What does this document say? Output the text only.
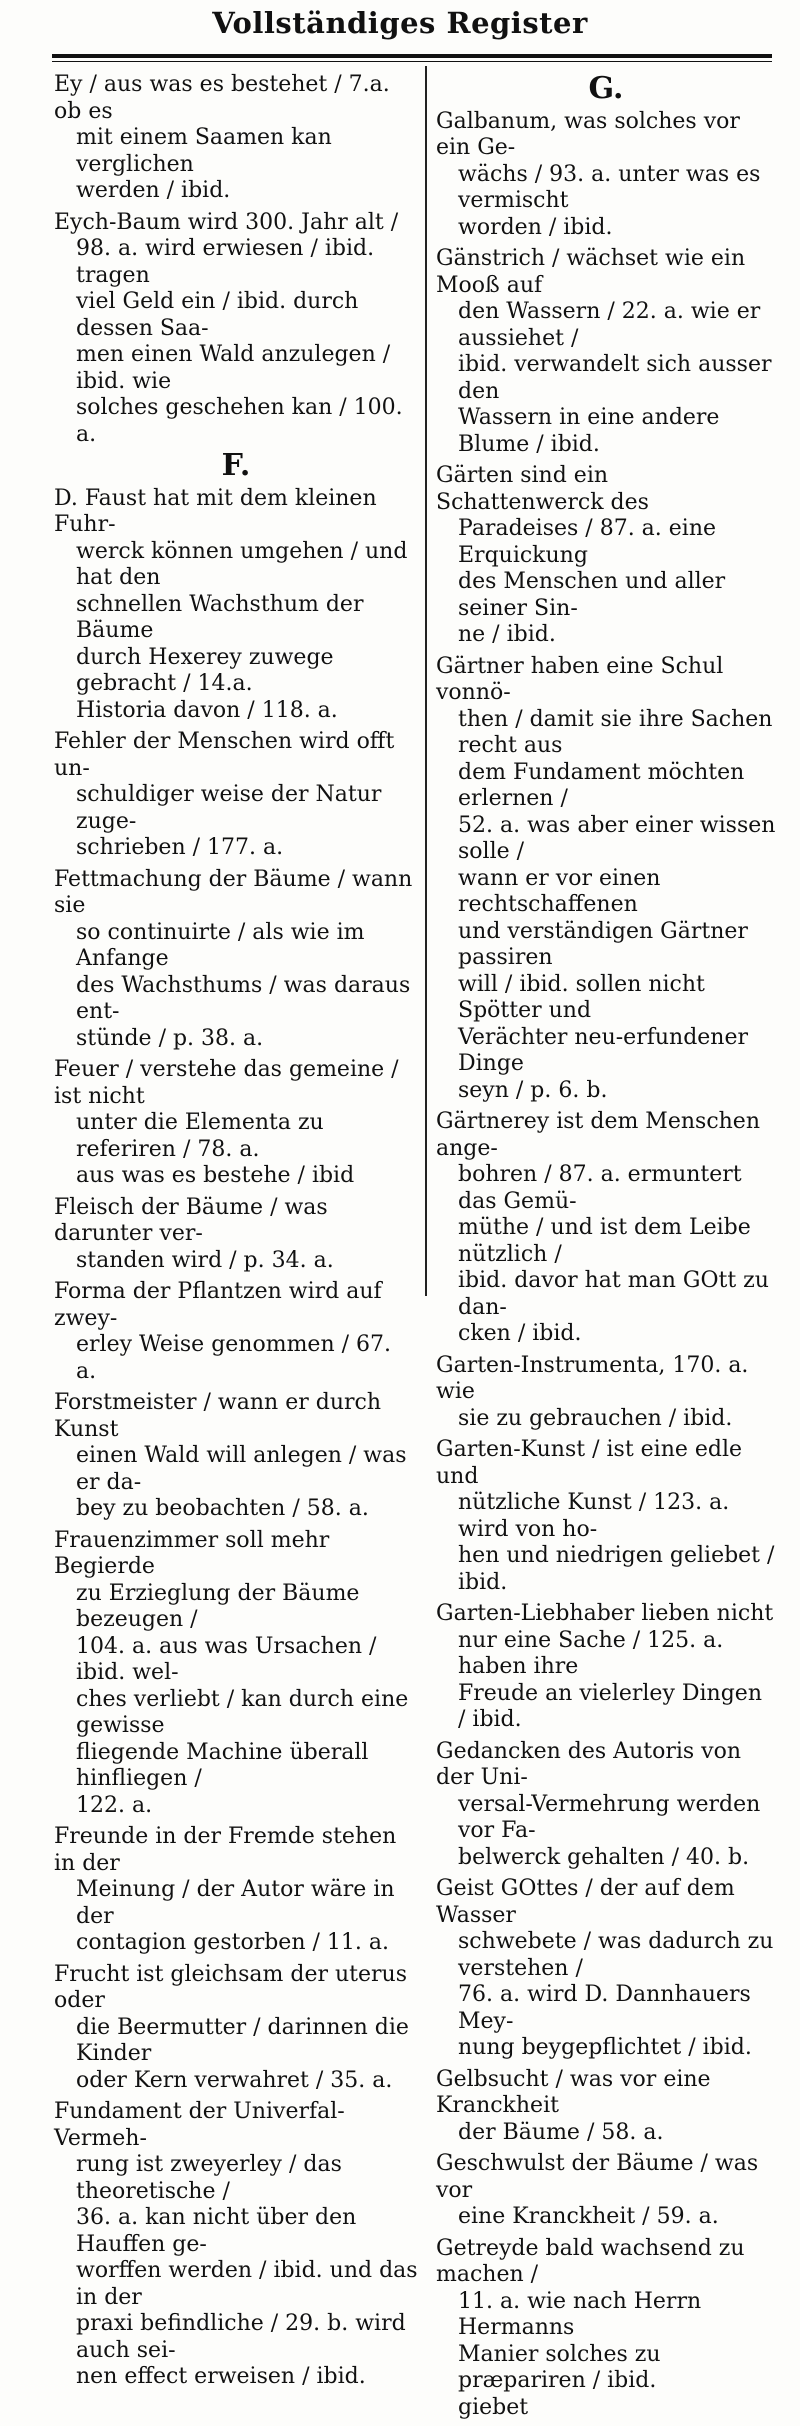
Vollständiges Register
Ey / aus was es bestehet / 7.a. ob es
mit einem Saamen kan verglichen
werden / ibid.
Eych-Baum wird 300. Jahr alt /
98. a. wird erwiesen / ibid. tragen
viel Geld ein / ibid. durch dessen Saa-
men einen Wald anzulegen / ibid. wie
solches geschehen kan / 100. a.
F.
D. Faust hat mit dem kleinen Fuhr-
werck können umgehen / und hat den
schnellen Wachsthum der Bäume
durch Hexerey zuwege gebracht / 14.a.
Historia davon / 118. a.
Fehler der Menschen wird offt un-
schuldiger weise der Natur zuge-
schrieben / 177. a.
Fettmachung der Bäume / wann sie
so continuirte / als wie im Anfange
des Wachsthums / was daraus ent-
stünde / p. 38. a.
Feuer / verstehe das gemeine / ist nicht
unter die Elementa zu referiren / 78. a.
aus was es bestehe / ibid
Fleisch der Bäume / was darunter ver-
standen wird / p. 34. a.
Forma der Pflantzen wird auf zwey-
erley Weise genommen / 67. a.
Forstmeister / wann er durch Kunst
einen Wald will anlegen / was er da-
bey zu beobachten / 58. a.
Frauenzimmer soll mehr Begierde
zu Erzieglung der Bäume bezeugen /
104. a. aus was Ursachen / ibid. wel-
ches verliebt / kan durch eine gewisse
fliegende Machine überall hinfliegen /
122. a.
Freunde in der Fremde stehen in der
Meinung / der Autor wäre in der
contagion gestorben / 11. a.
Frucht ist gleichsam der uterus oder
die Beermutter / darinnen die Kinder
oder Kern verwahret / 35. a.
Fundament der Univerfal-Vermeh-
rung ist zweyerley / das theoretische /
36. a. kan nicht über den Hauffen ge-
worffen werden / ibid. und das in der
praxi befindliche / 29. b. wird auch sei-
nen effect erweisen / ibid.
G.
Galbanum, was solches vor ein Ge-
wächs / 93. a. unter was es vermischt
worden / ibid.
Gänstrich / wächset wie ein Mooß auf
den Wassern / 22. a. wie er aussiehet /
ibid. verwandelt sich ausser den
Wassern in eine andere Blume / ibid.
Gärten sind ein Schattenwerck des
Paradeises / 87. a. eine Erquickung
des Menschen und aller seiner Sin-
ne / ibid.
Gärtner haben eine Schul vonnö-
then / damit sie ihre Sachen recht aus
dem Fundament möchten erlernen /
52. a. was aber einer wissen solle /
wann er vor einen rechtschaffenen
und verständigen Gärtner passiren
will / ibid. sollen nicht Spötter und
Verächter neu-erfundener Dinge
seyn / p. 6. b.
Gärtnerey ist dem Menschen ange-
bohren / 87. a. ermuntert das Gemü-
müthe / und ist dem Leibe nützlich /
ibid. davor hat man GOtt zu dan-
cken / ibid.
Garten-Instrumenta, 170. a. wie
sie zu gebrauchen / ibid.
Garten-Kunst / ist eine edle und
nützliche Kunst / 123. a. wird von ho-
hen und niedrigen geliebet / ibid.
Garten-Liebhaber lieben nicht
nur eine Sache / 125. a. haben ihre
Freude an vielerley Dingen / ibid.
Gedancken des Autoris von der Uni-
versal-Vermehrung werden vor Fa-
belwerck gehalten / 40. b.
Geist GOttes / der auf dem Wasser
schwebete / was dadurch zu verstehen /
76. a. wird D. Dannhauers Mey-
nung beygepflichtet / ibid.
Gelbsucht / was vor eine Kranckheit
der Bäume / 58. a.
Geschwulst der Bäume / was vor
eine Kranckheit / 59. a.
Getreyde bald wachsend zu machen /
11. a. wie nach Herrn Hermanns
Manier solches zu præpariren / ibid.
giebet
